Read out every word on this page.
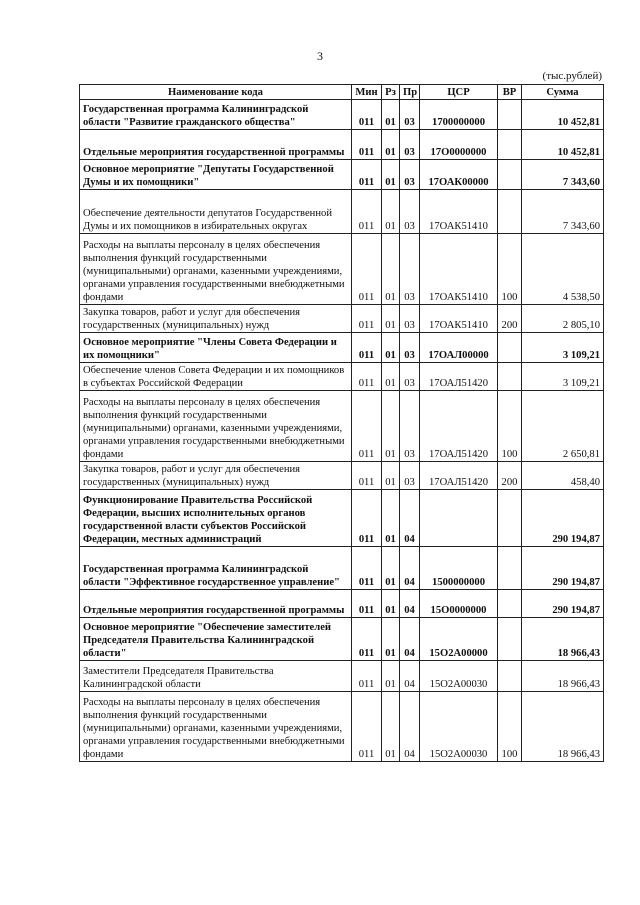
3
(тыс.рублей)
Наименование кода	Мин	Рз	Пр	ЦСР	ВР	Сумма
Государственная программа Калининградской области "Развитие гражданского общества"	011	01	03	1700000000		10 452,81
Отдельные мероприятия государственной программы	011	01	03	17О0000000		10 452,81
Основное мероприятие "Депутаты Государственной Думы и их помощники"	011	01	03	17ОАК00000		7 343,60
Обеспечение деятельности депутатов Государственной Думы и их помощников в избирательных округах	011	01	03	17ОАК51410		7 343,60
Расходы на выплаты персоналу в целях обеспечения выполнения функций государственными (муниципальными) органами, казенными учреждениями, органами управления государственными внебюджетными фондами	011	01	03	17ОАК51410	100	4 538,50
Закупка товаров, работ и услуг для обеспечения государственных (муниципальных) нужд	011	01	03	17ОАК51410	200	2 805,10
Основное мероприятие "Члены Совета Федерации и их помощники"	011	01	03	17ОАЛ00000		3 109,21
Обеспечение членов Совета Федерации и их помощников в субъектах Российской Федерации	011	01	03	17ОАЛ51420		3 109,21
Расходы на выплаты персоналу в целях обеспечения выполнения функций государственными (муниципальными) органами, казенными учреждениями, органами управления государственными внебюджетными фондами	011	01	03	17ОАЛ51420	100	2 650,81
Закупка товаров, работ и услуг для обеспечения государственных (муниципальных) нужд	011	01	03	17ОАЛ51420	200	458,40
Функционирование Правительства Российской Федерации, высших исполнительных органов государственной власти субъектов Российской Федерации, местных администраций	011	01	04			290 194,87
Государственная программа Калининградской области "Эффективное государственное управление"	011	01	04	1500000000		290 194,87
Отдельные мероприятия государственной программы	011	01	04	15О0000000		290 194,87
Основное мероприятие "Обеспечение заместителей Председателя Правительства Калининградской области"	011	01	04	15О2А00000		18 966,43
Заместители Председателя Правительства Калининградской области	011	01	04	15О2А00030		18 966,43
Расходы на выплаты персоналу в целях обеспечения выполнения функций государственными (муниципальными) органами, казенными учреждениями, органами управления государственными внебюджетными фондами	011	01	04	15О2А00030	100	18 966,43
